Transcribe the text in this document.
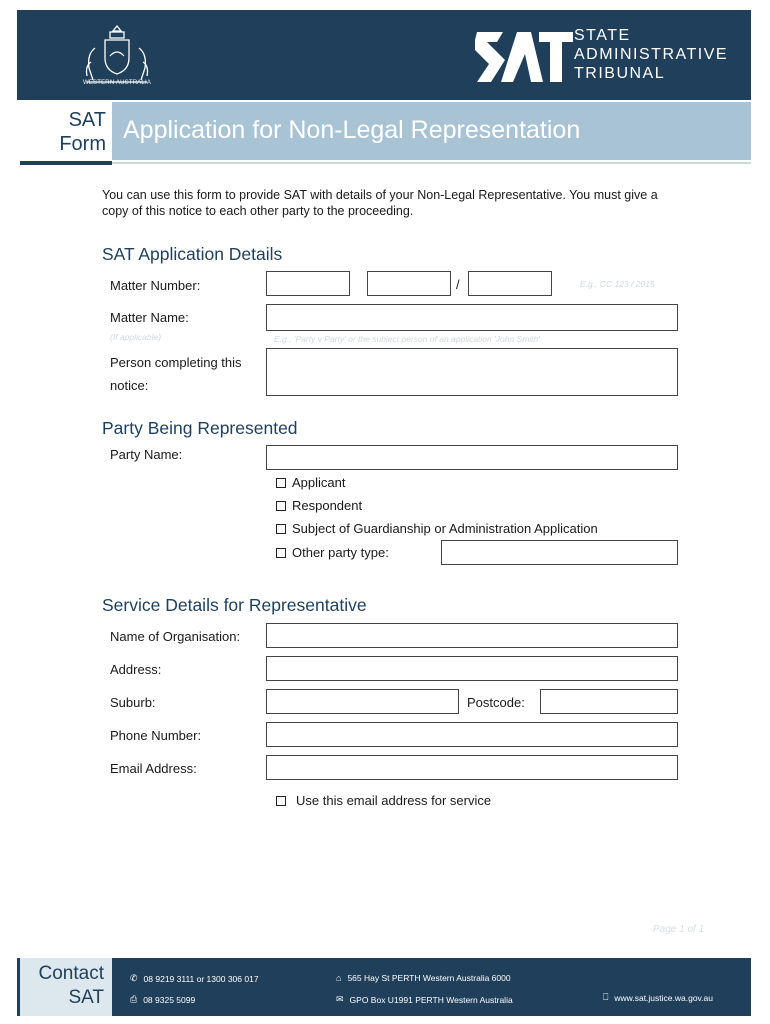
WESTERN AUSTRALIA
STATE
ADMINISTRATIVE
TRIBUNAL
SAT
Form Application for Non-Legal Representation
You can use this form to provide SAT with details of your Non-Legal Representative. You must give a copy of this notice to each other party to the proceeding.
SAT Application Details
Matter Number:	/	E.g., CC 123 / 2015
Matter Name:
(If applicable)	E.g., 'Party v Party' or the subject person of an application 'John Smith'
Person completing this
notice:
Party Being Represented
Party Name:
Applicant
Respondent
Subject of Guardianship or Administration Application
Other party type:
Service Details for Representative
Name of Organisation:
Address:
Suburb:	Postcode:
Phone Number:
Email Address:
Use this email address for service
Page 1 of 1
Contact
SAT
✆ 08 9219 3111 or 1300 306 017
⎙ 08 9325 5099
⌂ 565 Hay St PERTH Western Australia 6000
✉ GPO Box U1991 PERTH Western Australia	⎕ www.sat.justice.wa.gov.au
